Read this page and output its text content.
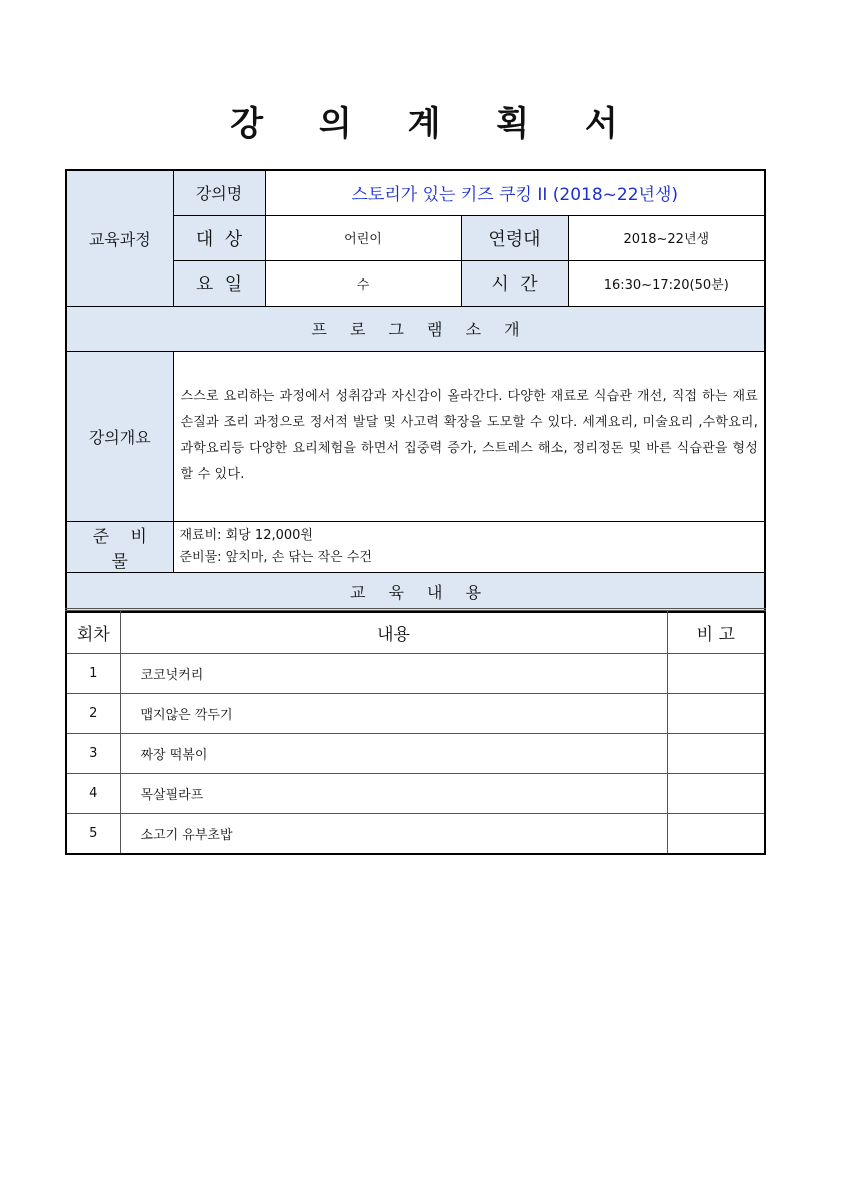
강 의 계 획 서
교육과정	강의명	스토리가 있는 키즈 쿠킹 II (2018~22년생)		
	대  상	어린이	연령대	2018~22년생
	요  일	수	시  간	16:30~17:20(50분)
프 로 그 램 소 개				
강의개요	스스로 요리하는 과정에서 성취감과 자신감이 올라간다. 다양한 재료로 식습관 개선, 직접 하는 재료 손질과 조리 과정으로 정서적 발달 및 사고력 확장을 도모할 수 있다. 세계요리, 미술요리 ,수학요리, 과학요리등 다양한 요리체험을 하면서 집중력 증가, 스트레스 해소, 정리정돈 및 바른 식습관을 형성할 수 있다.			
준 비 물	재료비: 회당 12,000원
준비물: 앞치마, 손 닦는 작은 수건			

교 육 내 용				
회차	내용	비 고
1	코코넛커리	
2	맵지않은 깍두기	
3	짜장 떡볶이	
4	목살필라프	
5	소고기 유부초밥	
